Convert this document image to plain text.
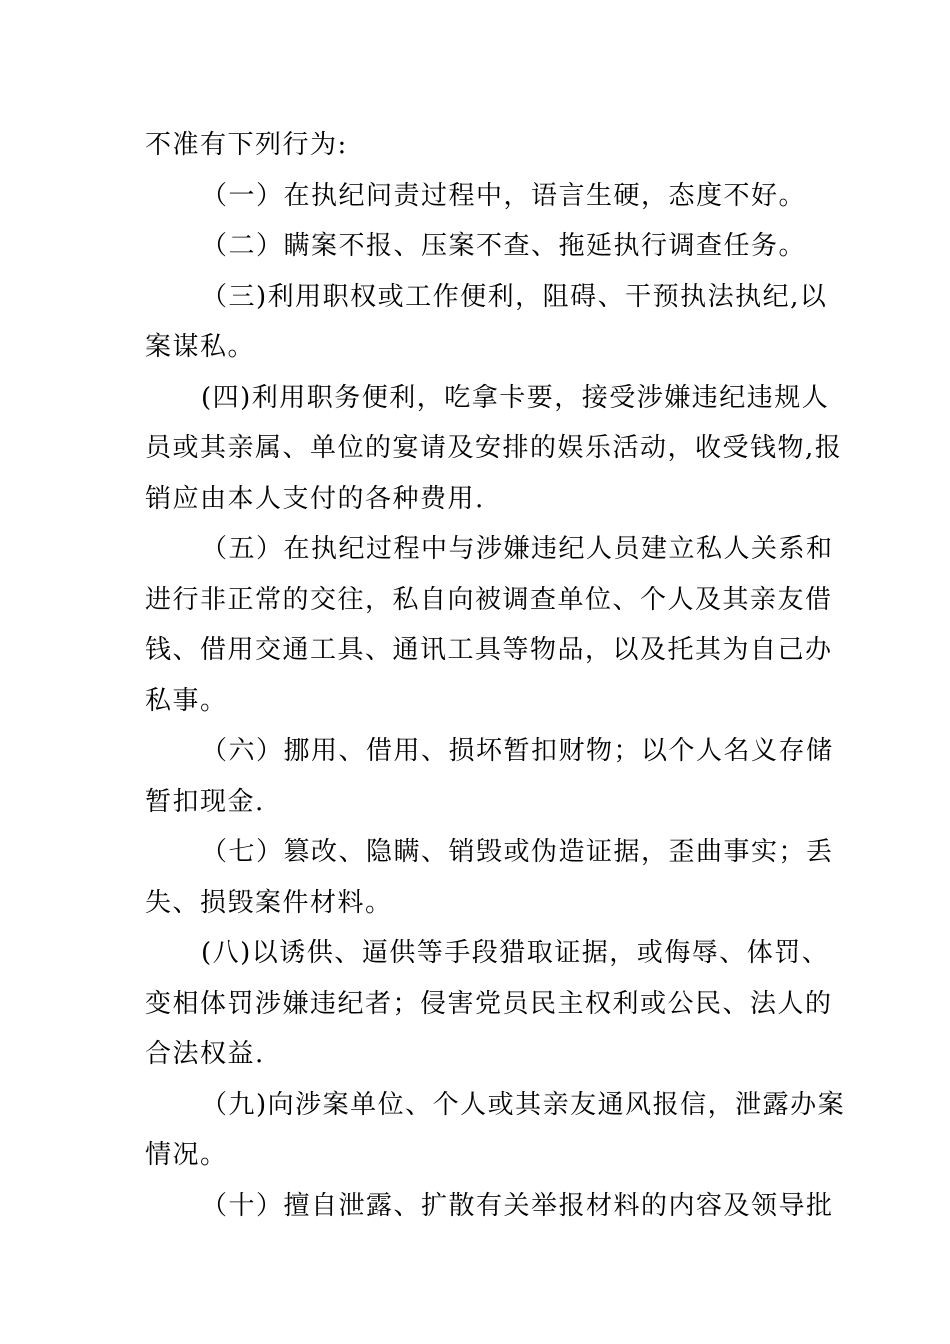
不准有下列行为:
（一）在执纪问责过程中，语言生硬，态度不好。
（二）瞒案不报、压案不查、拖延执行调查任务。
（三)利用职权或工作便利，阻碍、干预执法执纪,以
案谋私。
(四)利用职务便利，吃拿卡要，接受涉嫌违纪违规人
员或其亲属、单位的宴请及安排的娱乐活动，收受钱物,报
销应由本人支付的各种费用.
（五）在执纪过程中与涉嫌违纪人员建立私人关系和
进行非正常的交往，私自向被调查单位、个人及其亲友借
钱、借用交通工具、通讯工具等物品，以及托其为自己办
私事。
（六）挪用、借用、损坏暂扣财物；以个人名义存储
暂扣现金.
（七）篡改、隐瞒、销毁或伪造证据，歪曲事实；丢
失、损毁案件材料。
(八)以诱供、逼供等手段猎取证据，或侮辱、体罚、
变相体罚涉嫌违纪者；侵害党员民主权利或公民、法人的
合法权益.
（九)向涉案单位、个人或其亲友通风报信，泄露办案
情况。
（十）擅自泄露、扩散有关举报材料的内容及领导批
